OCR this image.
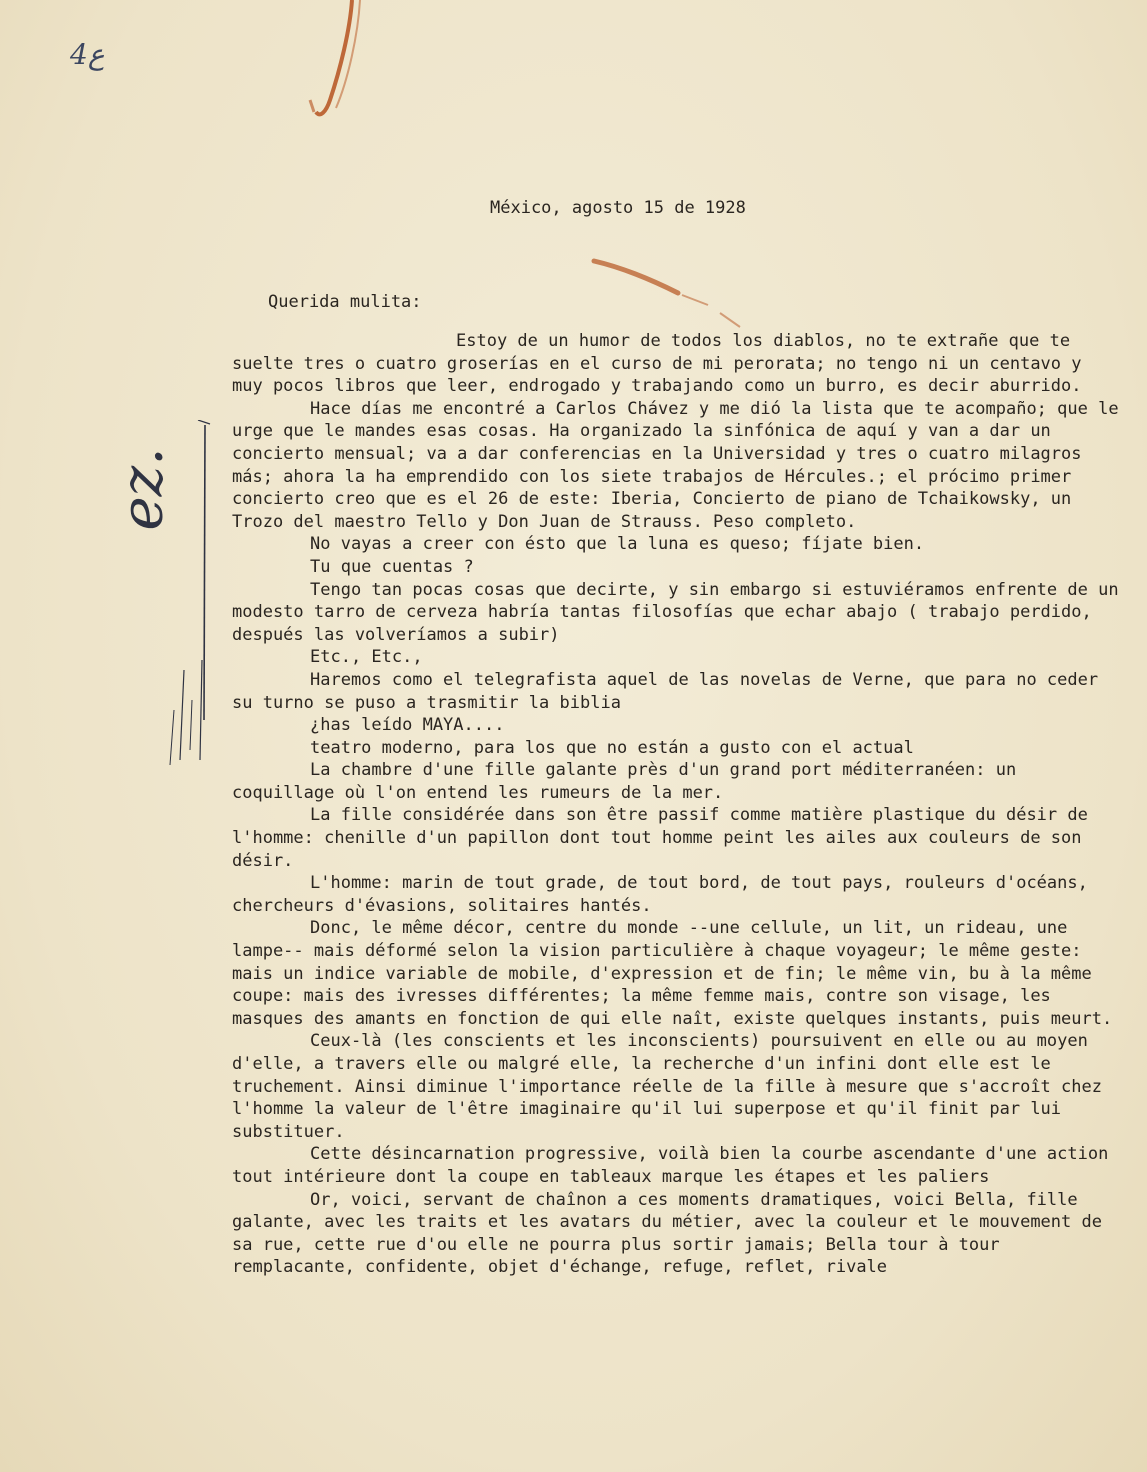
4ع
México, agosto 15 de 1928
Querida mulita:
ez.

Estoy de un humor de todos los diablos, no te extrañe que te suelte tres o cuatro groserías en el curso de mi perorata; no tengo ni un centavo y muy pocos libros que leer, endrogado y trabajando como un burro, es decir aburrido.

Hace días me encontré a Carlos Chávez y me dió la lista que te acompaño; que le urge que le mandes esas cosas. Ha organizado la sinfónica de aquí y van a dar un concierto mensual; va a dar conferencias en la Universidad y tres o cuatro milagros más; ahora la ha emprendido con los siete trabajos de Hércules.; el prócimo primer concierto creo que es el 26 de este: Iberia, Concierto de piano de Tchaikowsky, un Trozo del maestro Tello y Don Juan de Strauss. Peso completo.

No vayas a creer con ésto que la luna es queso; fíjate bien.

Tu que cuentas ?

Tengo tan pocas cosas que decirte, y sin embargo si estuviéramos enfrente de un modesto tarro de cerveza habría tantas filosofías que echar abajo ( trabajo perdido, después las volveríamos a subir)

Etc., Etc.,

Haremos como el telegrafista aquel de las novelas de Verne, que para no ceder su turno se puso a trasmitir la biblia

¿has leído MAYA....

teatro moderno, para los que no están a gusto con el actual

La chambre d'une fille galante près d'un grand port méditerranéen: un coquillage où l'on entend les rumeurs de la mer.

La fille considérée dans son être passif comme matière plastique du désir de l'homme: chenille d'un papillon dont tout homme peint les ailes aux couleurs de son désir.

L'homme: marin de tout grade, de tout bord, de tout pays, rouleurs d'océans, chercheurs d'évasions, solitaires hantés.

Donc, le même décor, centre du monde --une cellule, un lit, un rideau, une lampe-- mais déformé selon la vision particulière à chaque voyageur; le même geste: mais un indice variable de mobile, d'expression et de fin; le même vin, bu à la même coupe: mais des ivresses différentes; la même femme mais, contre son visage, les masques des amants en fonction de qui elle naît, existe quelques instants, puis meurt.

Ceux-là (les conscients et les inconscients) poursuivent en elle ou au moyen d'elle, a travers elle ou malgré elle, la recherche d'un infini dont elle est le truchement. Ainsi diminue l'importance réelle de la fille à mesure que s'accroît chez l'homme la valeur de l'être imaginaire qu'il lui superpose et qu'il finit par lui substituer.

Cette désincarnation progressive, voilà bien la courbe ascendante d'une action tout intérieure dont la coupe en tableaux marque les étapes et les paliers

Or, voici, servant de chaînon a ces moments dramatiques, voici Bella, fille galante, avec les traits et les avatars du métier, avec la couleur et le mouvement de sa rue, cette rue d'ou elle ne pourra plus sortir jamais; Bella tour à tour remplacante, confidente, objet d'échange, refuge, reflet, rivale
